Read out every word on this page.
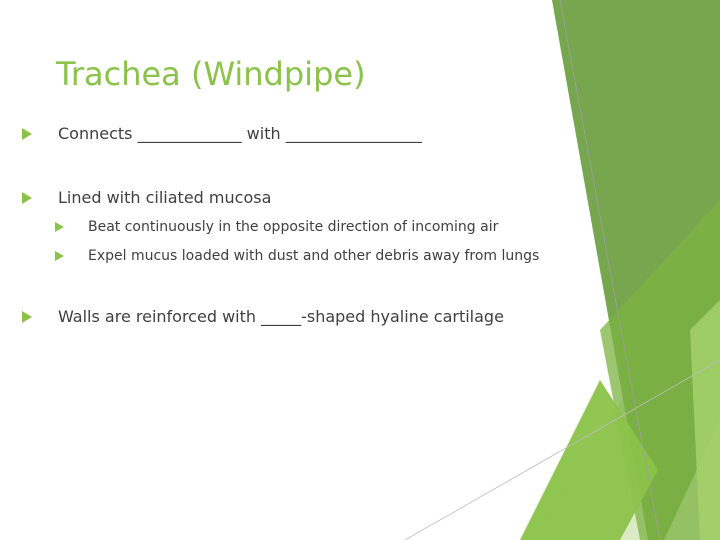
Trachea (Windpipe)
Connects _____________ with _________________
Lined with ciliated mucosa
Beat continuously in the opposite direction of incoming air
Expel mucus loaded with dust and other debris away from lungs
Walls are reinforced with _____-shaped hyaline cartilage
